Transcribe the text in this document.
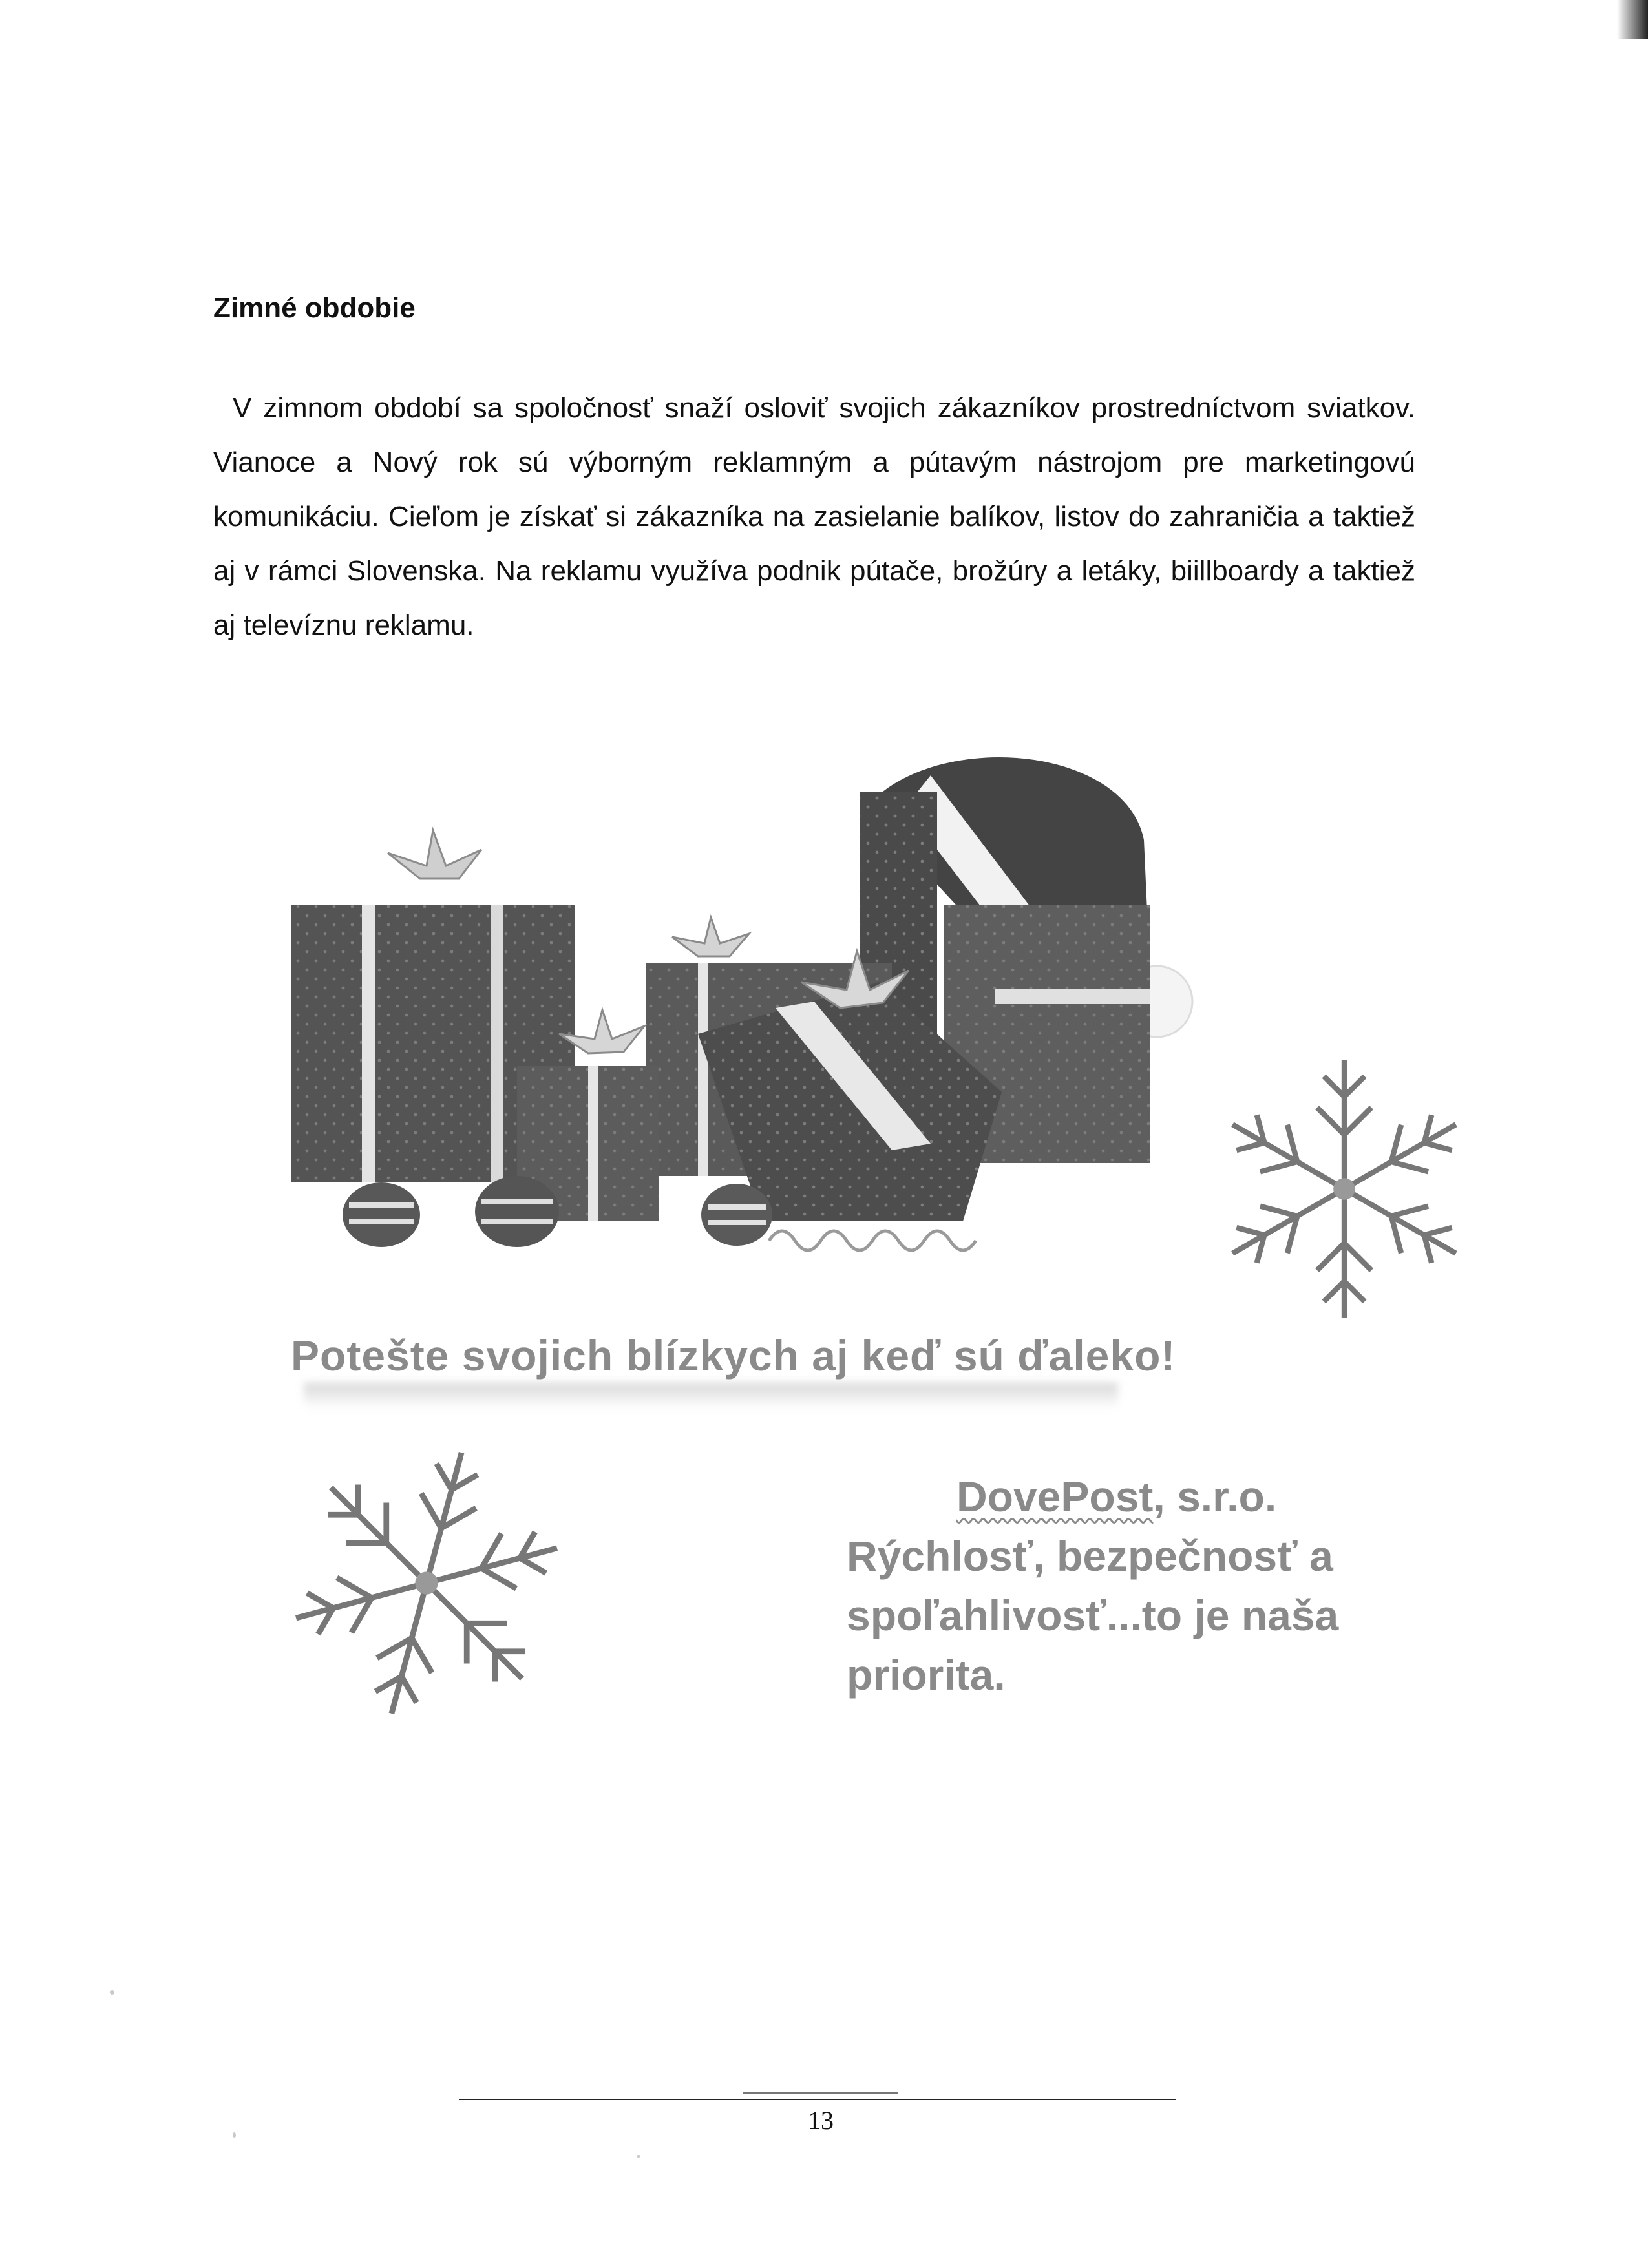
Zimné obdobie

V zimnom období sa spoločnosť snaží osloviť svojich zákazníkov prostredníctvom sviatkov. Vianoce a Nový rok sú výborným reklamným a pútavým nástrojom pre marketingovú komunikáciu. Cieľom je získať si zákazníka na zasielanie balíkov, listov do zahraničia a taktiež aj v rámci Slovenska. Na reklamu využíva podnik pútače, brožúry a letáky, biillboardy a taktiež aj televíznu reklamu.

Potešte svojich blízkych aj keď sú ďaleko!

DovePost, s.r.o.
Rýchlosť, bezpečnosť a spoľahlivosť...to je naša priorita.
13
